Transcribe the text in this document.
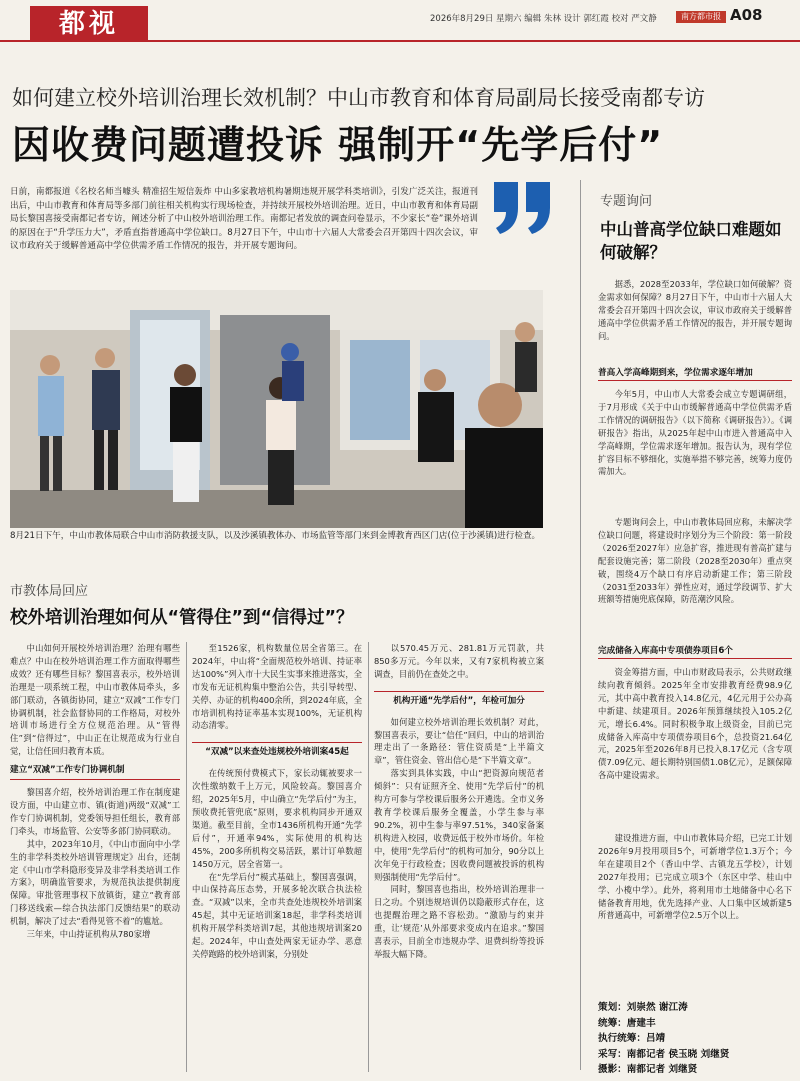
都视	2026年8月29日 星期六 编辑 朱林 设计 郭红霞 校对 严文静	南方都市报 A08
如何建立校外培训治理长效机制？中山市教育和体育局副局长接受南都专访
因收费问题遭投诉 强制开“先学后付”
日前，南都报道《名校名师当噱头 精准招生短信轰炸 中山多家教培机构暑期违规开展学科类培训》，引发广泛关注，报道刊出后，中山市教育和体育局等多部门前往相关机构实行现场检查，并持续开展校外培训治理。近日，中山市教育和体育局副局长黎国喜接受南都记者专访，阐述分析了中山校外培训治理工作。南都记者发放的调查问卷显示，不少家长“卷”课外培训的原因在于“升学压力大”，矛盾直指普通高中学位缺口。8月27日下午，中山市十六届人大常委会召开第四十四次会议，审议市政府关于缓解普通高中学位供需矛盾工作情况的报告，并开展专题询问。
8月21日下午，中山市教体局联合中山市消防救援支队，以及沙溪镇教体办、市场监管等部门来到金博教育西区门店(位于沙溪镇)进行检查。
市教体局回应
校外培训治理如何从“管得住”到“信得过”？

中山如何开展校外培训治理？治理有哪些难点？中山在校外培训治理工作方面取得哪些成效？还有哪些目标？黎国喜表示，校外培训治理是一项系统工程，中山市教体局牵头，多部门联动，各镇街协同，建立“双减”工作专门协调机制，社会监督协同的工作格局，对校外培训市场进行全方位规范治理。从“管得住”到“信得过”，中山正在让规范成为行业自觉，让信任回归教育本质。

建立“双减”工作专门协调机制

黎国喜介绍，校外培训治理工作在制度建设方面，中山建立市、镇(街道)两级“双减”工作专门协调机制，党委领导担任组长，教育部门牵头，市场监管、公安等多部门协同联动。

其中，2023年10月，《中山市面向中小学生的非学科类校外培训管理规定》出台，还制定《中山市学科隐形变异及非学科类培训工作方案》，明确监管要求，为规范执法提供制度保障。审批管理事权下放镇街，建立“教育部门移送线索—综合执法部门反馈结果”的联动机制，解决了过去“看得见管不着”的尴尬。

三年来，中山持证机构从780家增

至1526家，机构数量位居全省第三。在2024年，中山将“全面规范校外培训、持证率达100%”列入市十大民生实事来推进落实，全市发布无证机构集中整治公告，共引导转型、关停、办证的机构400余所，到2024年底，全市培训机构持证率基本实现100%，无证机构动态清零。

“双减”以来查处违规校外培训案45起

在传统预付费模式下，家长动辄被要求一次性缴纳数千上万元，风险较高。黎国喜介绍，2025年5月，中山确立“先学后付”为主，预收费托管兜底”原则，要求机构同步开通双渠道。截至目前，全市1436所机构开通“先学后付”，开通率94%，实际使用的机构达45%，200多所机构交易活跃，累计订单数超1450万元，居全省第一。

在“先学后付”模式基础上，黎国喜强调，中山保持高压态势，开展多轮次联合执法检查。“双减”以来，全市共查处违规校外培训案45起，其中无证培训案18起，非学科类培训机构开展学科类培训7起，其他违规培训案20起。2024年，中山查处两家无证办学、恶意关停跑路的校外培训案，分别处

以570.45万元、281.81万元罚款，共850多万元。今年以来，又有7家机构被立案调查，目前仍在查处之中。

机构开通“先学后付”，年检可加分

如何建立校外培训治理长效机制？对此，黎国喜表示，要让“信任”回归，中山的培训治理走出了一条路径：管住资质是“上半篇文章”，管住资金、管出信心是“下半篇文章”。

落实到具体实践，中山“把资源向规范者倾斜”：只有证照齐全、使用“先学后付”的机构方可参与学校课后服务公开遴选。全市义务教育学校课后服务全覆盖，小学生参与率90.2%，初中生参与率97.51%，340家备案机构进入校园，收费远低于校外市场价。年检中，使用“先学后付”的机构可加分，90分以上次年免于行政检查；因收费问题被投诉的机构则强制使用“先学后付”。

同时，黎国喜也指出，校外培训治理非一日之功。个别违规培训仍以隐蔽形式存在，这也提醒治理之路不容松劲。“激励与约束并重，让‘规范’从外部要求变成内在追求。”黎国喜表示，目前全市违规办学、退费纠纷等投诉举报大幅下降。

专题询问
中山普高学位缺口难题如何破解？
据悉，2028至2033年，学位缺口如何破解？资金需求如何保障？8月27日下午，中山市十六届人大常委会召开第四十四次会议，审议市政府关于缓解普通高中学位供需矛盾工作情况的报告，并开展专题询问。
普高入学高峰期到来，学位需求逐年增加
今年5月，中山市人大常委会成立专题调研组，于7月形成《关于中山市缓解普通高中学位供需矛盾工作情况的调研报告》（以下简称《调研报告》）。《调研报告》指出，从2025年起中山市进入普通高中入学高峰期，学位需求逐年增加。报告认为，现有学位扩容目标不够细化，实施举措不够完善，统筹力度仍需加大。
专题询问会上，中山市教体局回应称，未解决学位缺口问题，将建设时序划分为三个阶段：第一阶段（2026至2027年）应急扩容，推进现有普高扩建与配套设施完善；第二阶段（2028至2030年）重点突破，围绕4万个缺口有序启动新建工作；第三阶段（2031至2033年）弹性应对，通过学段调节、扩大班额等措施兜底保障，防范潮汐风险。
完成储备入库高中专项债券项目6个
资金筹措方面，中山市财政局表示，公共财政继续向教育倾斜。2025年全市安排教育经费98.9亿元，其中高中教育投入14.8亿元，4亿元用于公办高中新建、续建项目。2026年预算继续投入105.2亿元，增长6.4%。同时积极争取上级资金，目前已完成储备入库高中专项债券项目6个，总投资21.64亿元，2025年至2026年8月已投入8.17亿元（含专项债7.09亿元、超长期特别国债1.08亿元），足额保障各高中建设需求。
建设推进方面，中山市教体局介绍，已完工计划2026年9月投用项目5个，可新增学位1.3万个；今年在建项目2个（香山中学、古镇龙五学校），计划2027年投用；已完成立项3个（东区中学、桂山中学、小榄中学）。此外，将利用市土地储备中心名下储备教育用地，优先选择产业、人口集中区域新建5所普通高中，可新增学位2.5万个以上。
策划：刘崇然 谢江涛
统筹：唐建丰
执行统筹：吕靖
采写：南都记者 侯玉晓 刘继贤
摄影：南都记者 刘继贤
